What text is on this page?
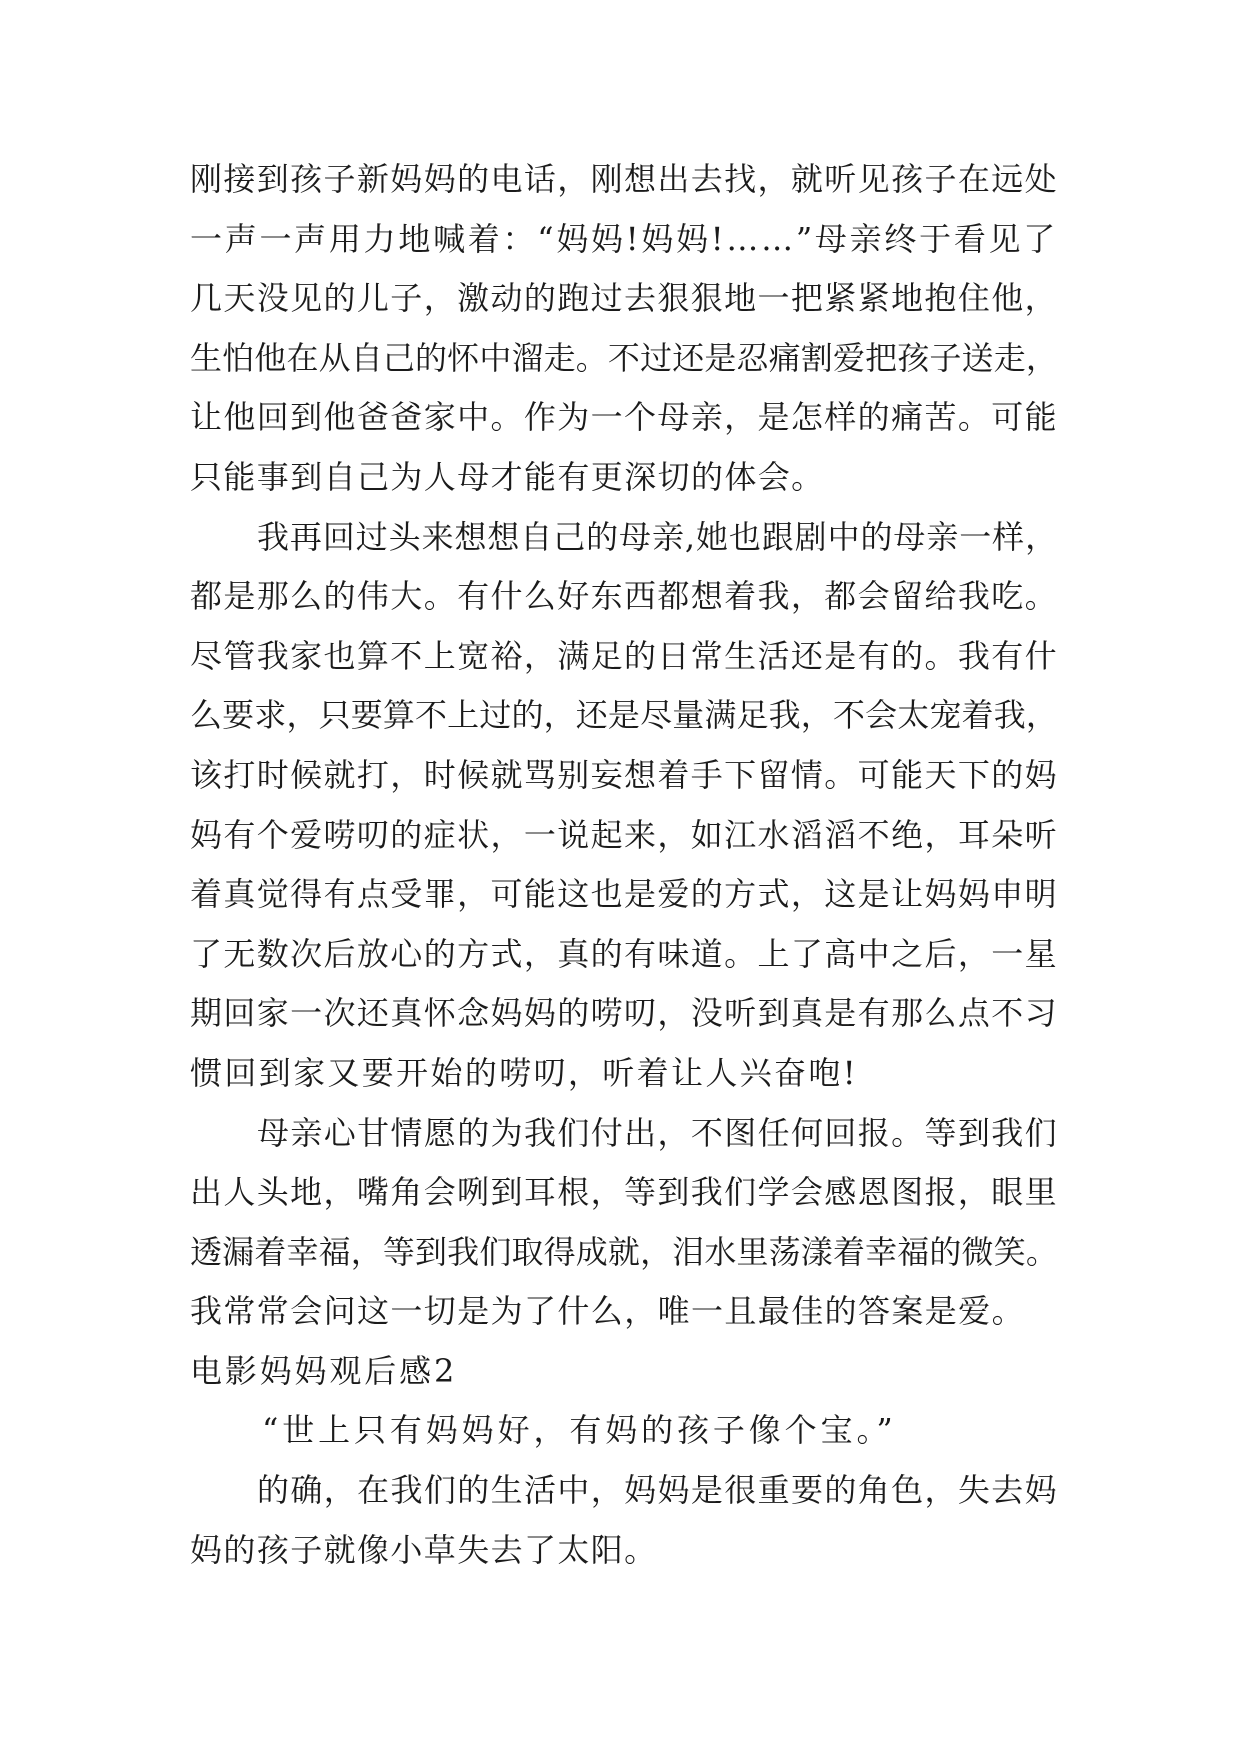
刚接到孩子新妈妈的电话，刚想出去找，就听见孩子在远处
一声一声用力地喊着：“妈妈!妈妈!……”母亲终于看见了
几天没见的儿子，激动的跑过去狠狠地一把紧紧地抱住他，
生怕他在从自己的怀中溜走。不过还是忍痛割爱把孩子送走，
让他回到他爸爸家中。作为一个母亲，是怎样的痛苦。可能
只能事到自己为人母才能有更深切的体会。
我再回过头来想想自己的母亲,她也跟剧中的母亲一样，
都是那么的伟大。有什么好东西都想着我，都会留给我吃。
尽管我家也算不上宽裕，满足的日常生活还是有的。我有什
么要求，只要算不上过的，还是尽量满足我，不会太宠着我，
该打时候就打，时候就骂别妄想着手下留情。可能天下的妈
妈有个爱唠叨的症状，一说起来，如江水滔滔不绝，耳朵听
着真觉得有点受罪，可能这也是爱的方式，这是让妈妈申明
了无数次后放心的方式，真的有味道。上了高中之后，一星
期回家一次还真怀念妈妈的唠叨，没听到真是有那么点不习
惯回到家又要开始的唠叨，听着让人兴奋咆!
母亲心甘情愿的为我们付出，不图任何回报。等到我们
出人头地，嘴角会咧到耳根，等到我们学会感恩图报，眼里
透漏着幸福，等到我们取得成就，泪水里荡漾着幸福的微笑。
我常常会问这一切是为了什么，唯一且最佳的答案是爱。
电影妈妈观后感2
“世上只有妈妈好，有妈的孩子像个宝。”
的确，在我们的生活中，妈妈是很重要的角色，失去妈
妈的孩子就像小草失去了太阳。
